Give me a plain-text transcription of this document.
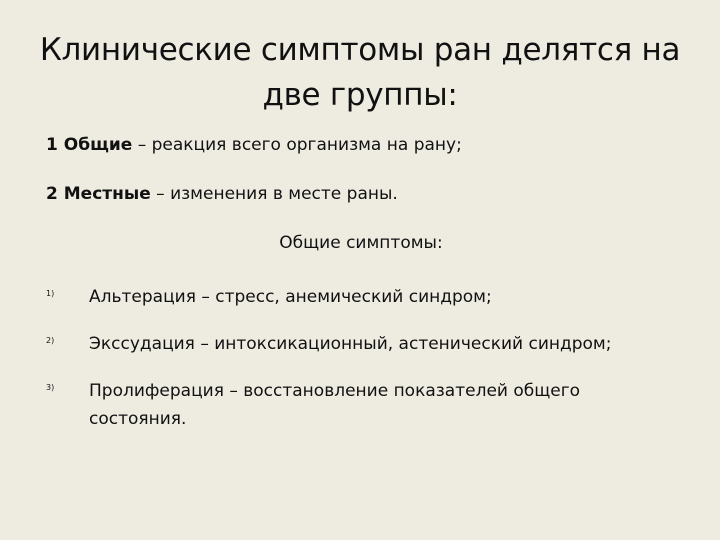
Клинические симптомы ран делятся на
две группы:
1 Общие – реакция всего организма на рану;
2 Местные – изменения в месте раны.
Общие симптомы:
1) Альтерация – стресс, анемический синдром;
2) Экссудация – интоксикационный, астенический синдром;
3) Пролиферация – восстановление показателей общего состояния.
